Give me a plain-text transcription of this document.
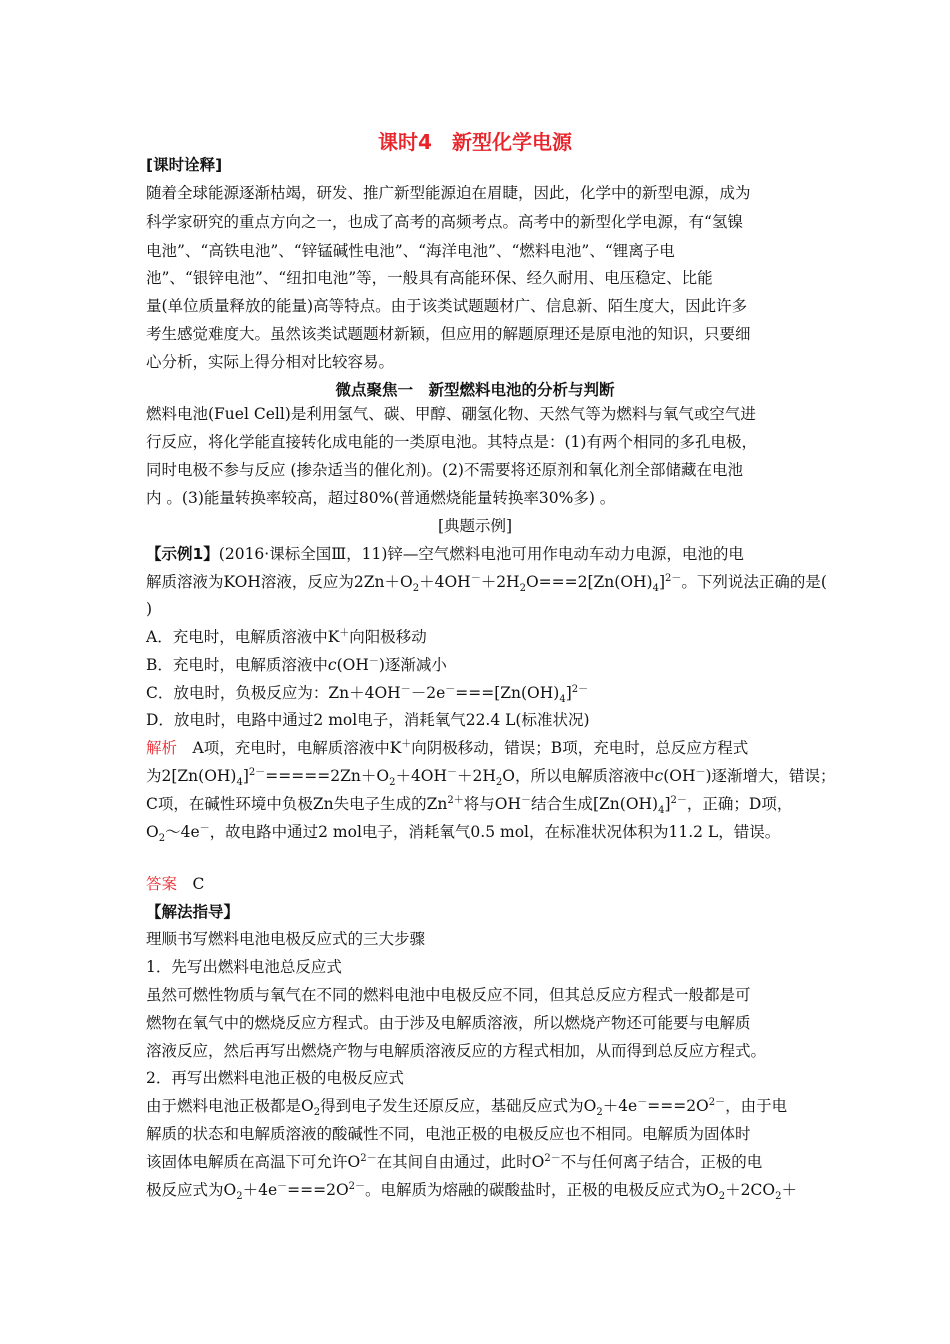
课时4　新型化学电源

[课时诠释]

随着全球能源逐渐枯竭，研发、推广新型能源迫在眉睫，因此，化学中的新型电源，成为

科学家研究的重点方向之一，也成了高考的高频考点。高考中的新型化学电源，有“氢镍

电池”、“高铁电池”、“锌锰碱性电池”、“海洋电池”、“燃料电池”、“锂离子电

池”、“银锌电池”、“纽扣电池”等，一般具有高能环保、经久耐用、电压稳定、比能

量(单位质量释放的能量)高等特点。由于该类试题题材广、信息新、陌生度大，因此许多

考生感觉难度大。虽然该类试题题材新颖，但应用的解题原理还是原电池的知识，只要细

心分析，实际上得分相对比较容易。

微点聚焦一　新型燃料电池的分析与判断

燃料电池(Fuel Cell)是利用氢气、碳、甲醇、硼氢化物、天然气等为燃料与氧气或空气进

行反应，将化学能直接转化成电能的一类原电池。其特点是：(1)有两个相同的多孔电极，

同时电极不参与反应 (掺杂适当的催化剂)。(2)不需要将还原剂和氧化剂全部储藏在电池

内 。(3)能量转换率较高，超过80%(普通燃烧能量转换率30%多) 。

[典题示例]

【示例1】(2016·课标全国Ⅲ，11)锌—空气燃料电池可用作电动车动力电源，电池的电

解质溶液为KOH溶液，反应为$2Zn+O_2+4OH^-+2H_2O===2[Zn(OH)_4]^{2-}$。下列说法正确的是(

)

A．充电时，电解质溶液中K＋向阳极移动

B．充电时，电解质溶液中c(OH－)逐渐减小

C．放电时，负极反应为：$Zn+4OH^--2e^-===[Zn(OH)_4]^{2-}$

D．放电时，电路中通过2 mol电子，消耗氧气22.4 L(标准状况)

解析　A项，充电时，电解质溶液中K＋向阴极移动，错误；B项，充电时，总反应方程式

为$2[Zn(OH)_4]^{2-}=====2Zn+O_2+4OH^-+2H_2O$，所以电解质溶液中c(OH－)逐渐增大，错误；

C项，在碱性环境中负极Zn失电子生成的$Zn^{2+}$将与OH－结合生成$[Zn(OH)_4]^{2-}$，正确；D项，

$O_2\sim 4e^-$，故电路中通过2 mol电子，消耗氧气0.5 mol，在标准状况体积为11.2 L，错误。

答案　 C

【解法指导】

理顺书写燃料电池电极反应式的三大步骤

1．先写出燃料电池总反应式

虽然可燃性物质与氧气在不同的燃料电池中电极反应不同，但其总反应方程式一般都是可

燃物在氧气中的燃烧反应方程式。由于涉及电解质溶液，所以燃烧产物还可能要与电解质

溶液反应，然后再写出燃烧产物与电解质溶液反应的方程式相加，从而得到总反应方程式。

2．再写出燃料电池正极的电极反应式

由于燃料电池正极都是$O_2$得到电子发生还原反应，基础反应式为$O_2+4e^-===2O^{2-}$，由于电

解质的状态和电解质溶液的酸碱性不同，电池正极的电极反应也不相同。电解质为固体时

该固体电解质在高温下可允许$O^{2-}$在其间自由通过，此时$O^{2-}$不与任何离子结合，正极的电

极反应式为$O_2+4e^-===2O^{2-}$。电解质为熔融的碳酸盐时，正极的电极反应式为$O_2+2CO_2+$
